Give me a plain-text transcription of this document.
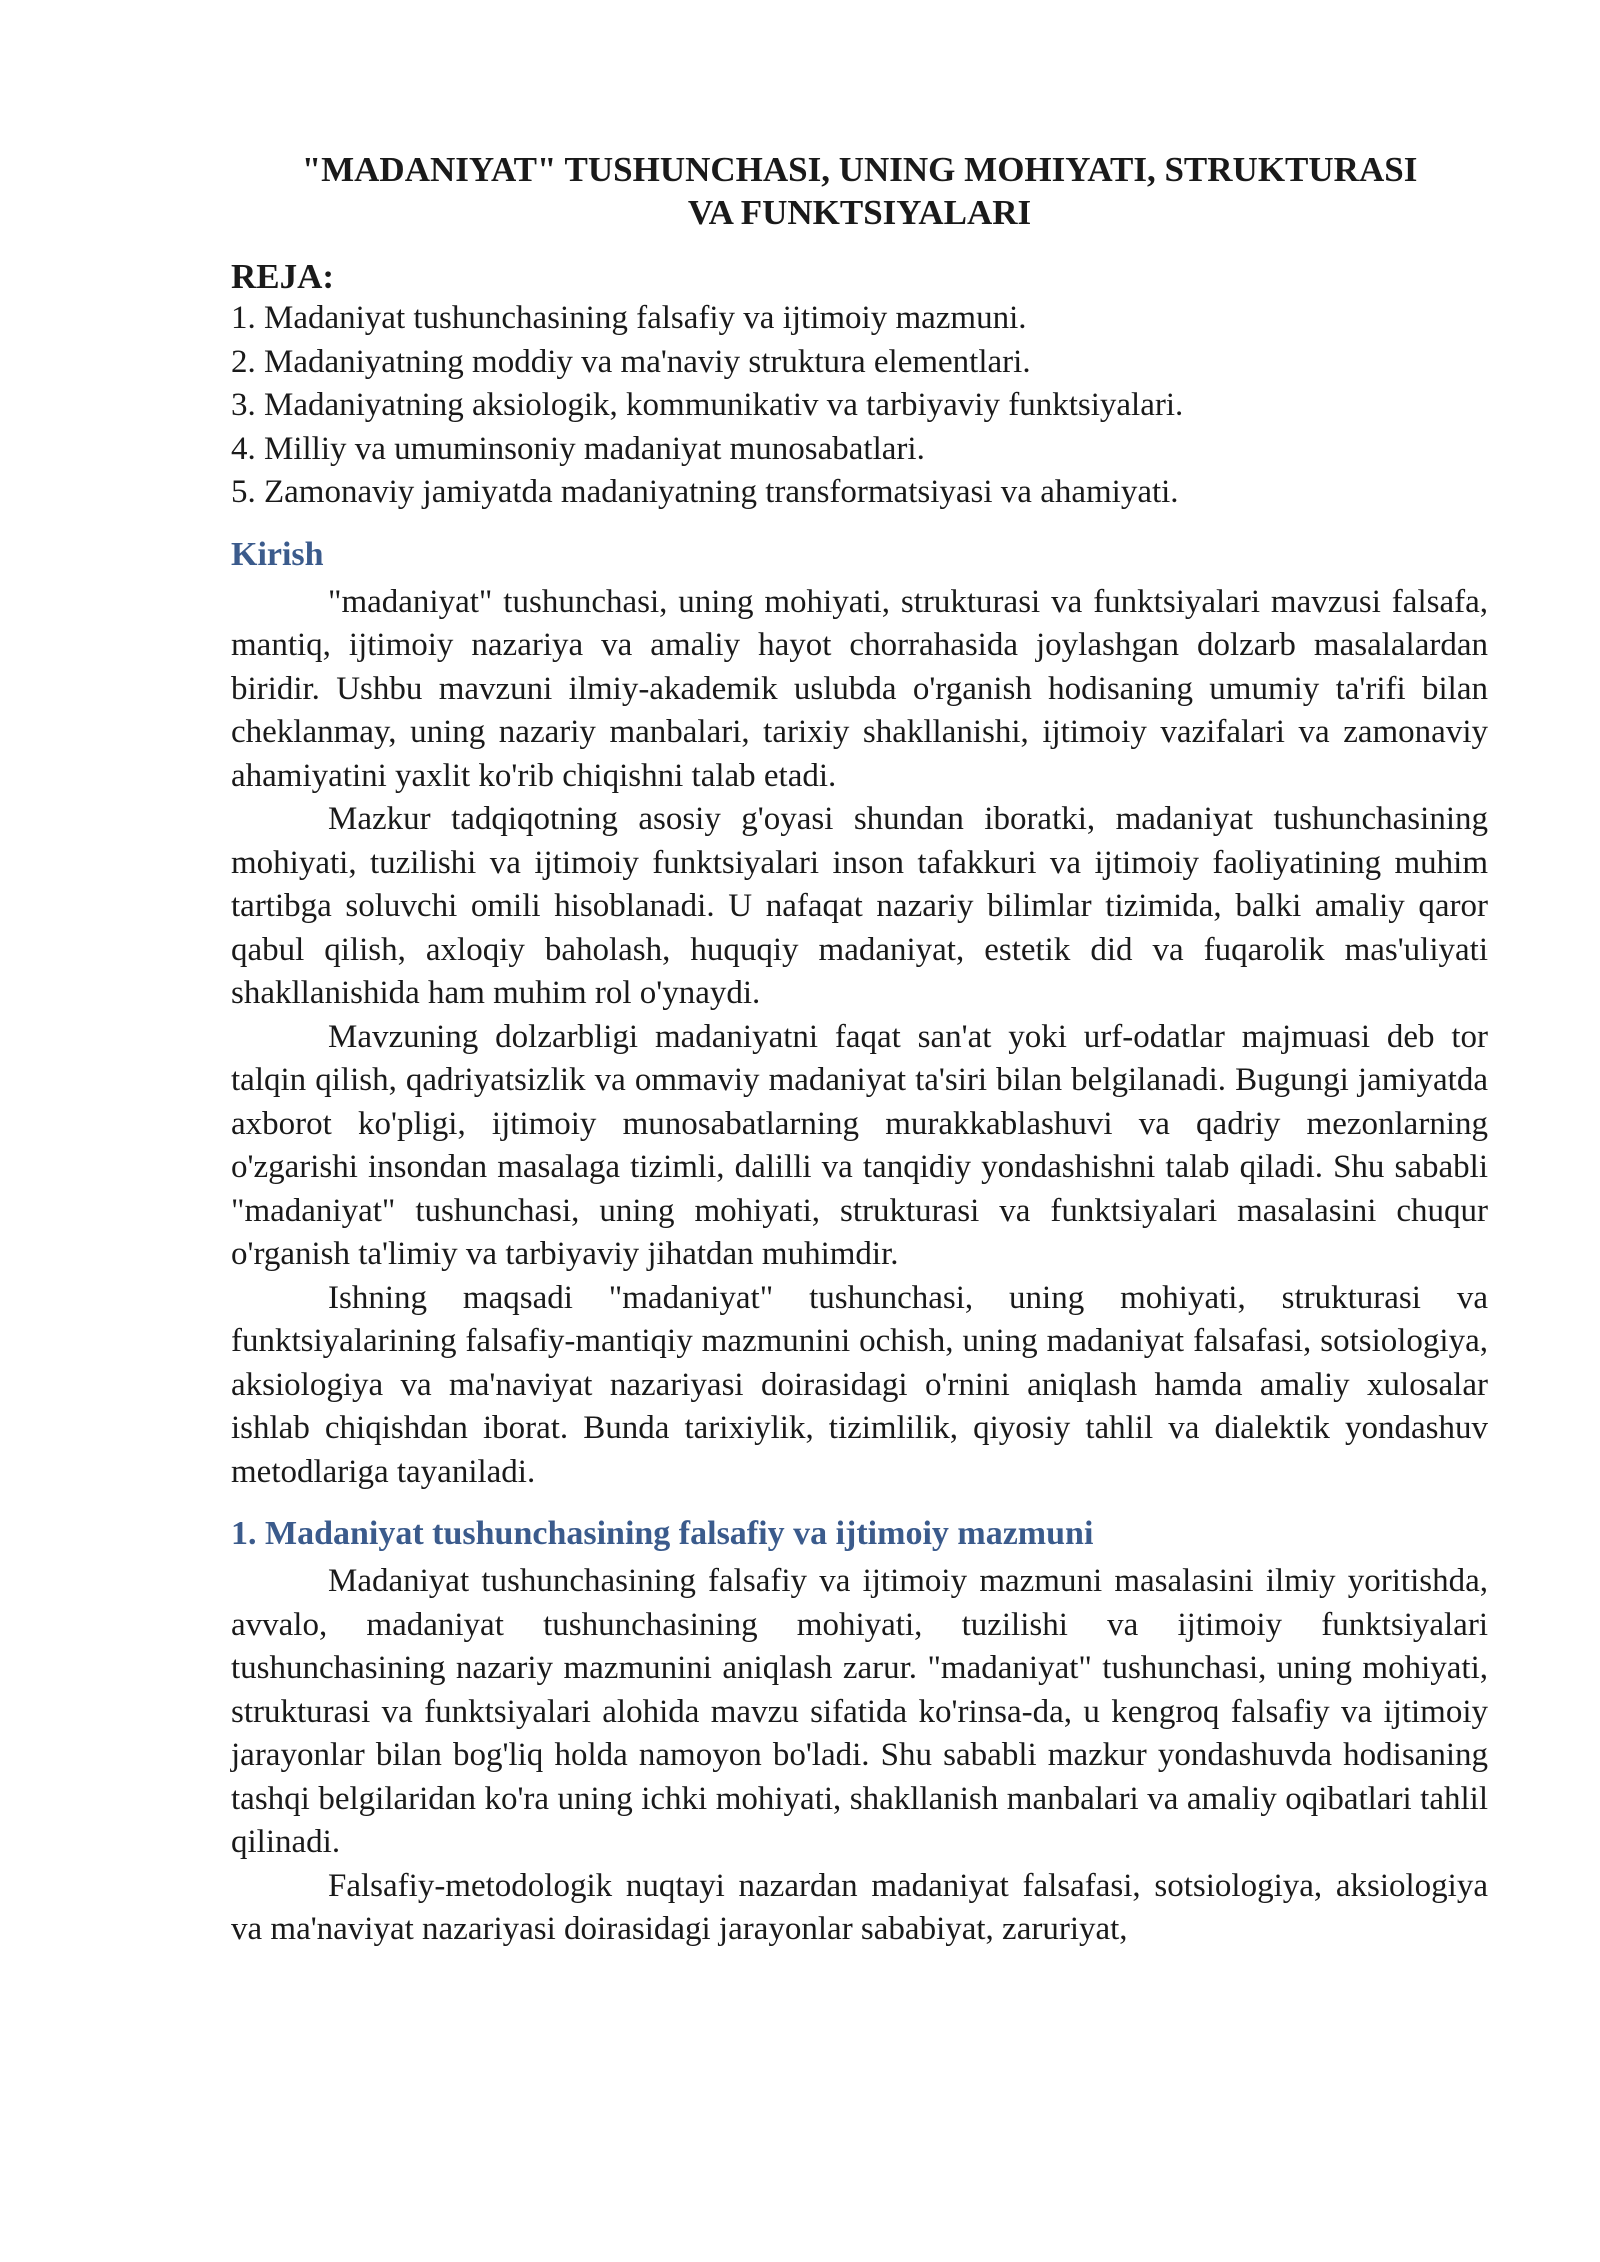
"MADANIYAT" TUSHUNCHASI, UNING MOHIYATI, STRUKTURASI
VA FUNKTSIYALARI
REJA:
1. Madaniyat tushunchasining falsafiy va ijtimoiy mazmuni.
2. Madaniyatning moddiy va ma'naviy struktura elementlari.
3. Madaniyatning aksiologik, kommunikativ va tarbiyaviy funktsiyalari.
4. Milliy va umuminsoniy madaniyat munosabatlari.
5. Zamonaviy jamiyatda madaniyatning transformatsiyasi va ahamiyati.
Kirish

"madaniyat" tushunchasi, uning mohiyati, strukturasi va funktsiyalari mavzusi falsafa, mantiq, ijtimoiy nazariya va amaliy hayot chorrahasida joylashgan dolzarb masalalardan biridir. Ushbu mavzuni ilmiy-akademik uslubda o'rganish hodisaning umumiy ta'rifi bilan cheklanmay, uning nazariy manbalari, tarixiy shakllanishi, ijtimoiy vazifalari va zamonaviy ahamiyatini yaxlit ko'rib chiqishni talab etadi.

Mazkur tadqiqotning asosiy g'oyasi shundan iboratki, madaniyat tushunchasining mohiyati, tuzilishi va ijtimoiy funktsiyalari inson tafakkuri va ijtimoiy faoliyatining muhim tartibga soluvchi omili hisoblanadi. U nafaqat nazariy bilimlar tizimida, balki amaliy qaror qabul qilish, axloqiy baholash, huquqiy madaniyat, estetik did va fuqarolik mas'uliyati shakllanishida ham muhim rol o'ynaydi.

Mavzuning dolzarbligi madaniyatni faqat san'at yoki urf-odatlar majmuasi deb tor talqin qilish, qadriyatsizlik va ommaviy madaniyat ta'siri bilan belgilanadi. Bugungi jamiyatda axborot ko'pligi, ijtimoiy munosabatlarning murakkablashuvi va qadriy mezonlarning o'zgarishi insondan masalaga tizimli, dalilli va tanqidiy yondashishni talab qiladi. Shu sababli "madaniyat" tushunchasi, uning mohiyati, strukturasi va funktsiyalari masalasini chuqur o'rganish ta'limiy va tarbiyaviy jihatdan muhimdir.

Ishning maqsadi "madaniyat" tushunchasi, uning mohiyati, strukturasi va funktsiyalarining falsafiy-mantiqiy mazmunini ochish, uning madaniyat falsafasi, sotsiologiya, aksiologiya va ma'naviyat nazariyasi doirasidagi o'rnini aniqlash hamda amaliy xulosalar ishlab chiqishdan iborat. Bunda tarixiylik, tizimlilik, qiyosiy tahlil va dialektik yondashuv metodlariga tayaniladi.

1. Madaniyat tushunchasining falsafiy va ijtimoiy mazmuni

Madaniyat tushunchasining falsafiy va ijtimoiy mazmuni masalasini ilmiy yoritishda, avvalo, madaniyat tushunchasining mohiyati, tuzilishi va ijtimoiy funktsiyalari tushunchasining nazariy mazmunini aniqlash zarur. "madaniyat" tushunchasi, uning mohiyati, strukturasi va funktsiyalari alohida mavzu sifatida ko'rinsa-da, u kengroq falsafiy va ijtimoiy jarayonlar bilan bog'liq holda namoyon bo'ladi. Shu sababli mazkur yondashuvda hodisaning tashqi belgilaridan ko'ra uning ichki mohiyati, shakllanish manbalari va amaliy oqibatlari tahlil qilinadi.

Falsafiy-metodologik nuqtayi nazardan madaniyat falsafasi, sotsiologiya, aksiologiya va ma'naviyat nazariyasi doirasidagi jarayonlar sababiyat, zaruriyat,
